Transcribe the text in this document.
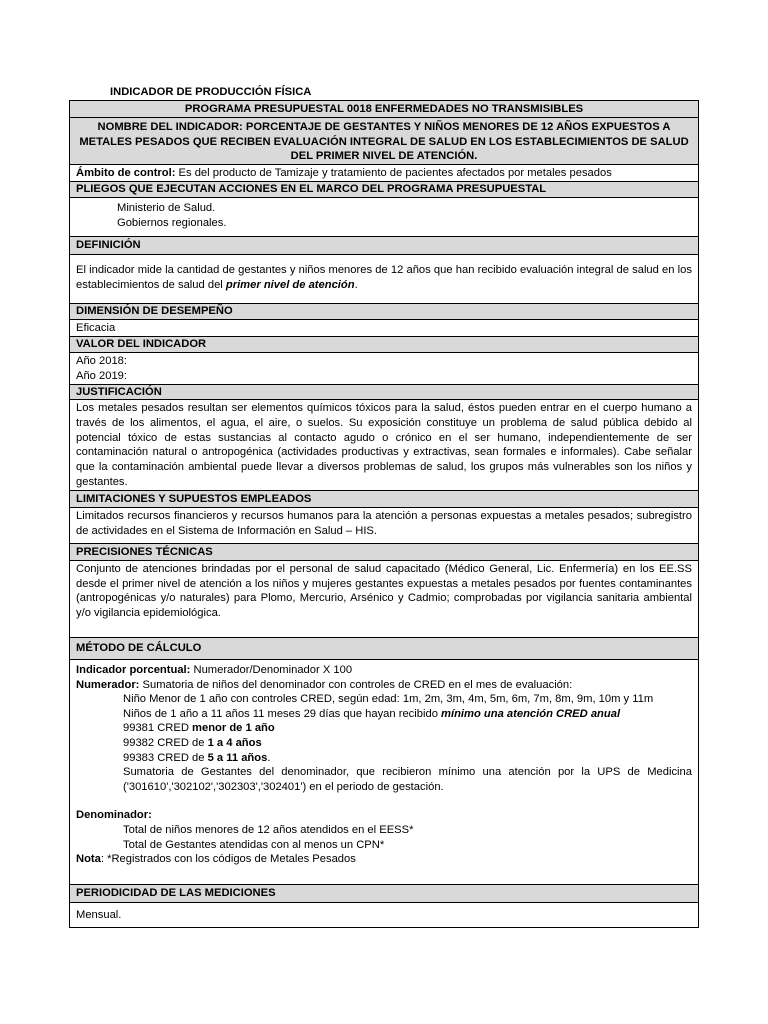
INDICADOR DE PRODUCCIÓN FÍSICA
PROGRAMA PRESUPUESTAL 0018 ENFERMEDADES NO TRANSMISIBLES
NOMBRE DEL INDICADOR: PORCENTAJE DE GESTANTES Y NIÑOS MENORES DE 12 AÑOS EXPUESTOS A METALES PESADOS QUE RECIBEN EVALUACIÓN INTEGRAL DE SALUD EN LOS ESTABLECIMIENTOS DE SALUD DEL PRIMER NIVEL DE ATENCIÓN.
Ámbito de control: Es del producto de Tamizaje y tratamiento de pacientes afectados por metales pesados
PLIEGOS QUE EJECUTAN ACCIONES EN EL MARCO DEL PROGRAMA PRESUPUESTAL
Ministerio de Salud.
Gobiernos regionales.
DEFINICIÓN
El indicador mide la cantidad de gestantes y niños menores de 12 años que han recibido evaluación integral de salud en los establecimientos de salud del primer nivel de atención.
DIMENSIÓN DE DESEMPEÑO
Eficacia
VALOR DEL INDICADOR
Año 2018:
Año 2019:
JUSTIFICACIÓN
Los metales pesados resultan ser elementos químicos tóxicos para la salud, éstos pueden entrar en el cuerpo humano a través de los alimentos, el agua, el aire, o suelos. Su exposición constituye un problema de salud pública debido al potencial tóxico de estas sustancias al contacto agudo o crónico en el ser humano, independientemente de ser contaminación natural o antropogénica (actividades productivas y extractivas, sean formales e informales). Cabe señalar que la contaminación ambiental puede llevar a diversos problemas de salud, los grupos más vulnerables son los niños y gestantes.
LIMITACIONES Y SUPUESTOS EMPLEADOS
Limitados recursos financieros y recursos humanos para la atención a personas expuestas a metales pesados; subregistro de actividades en el Sistema de Información en Salud – HIS.
PRECISIONES TÉCNICAS
Conjunto de atenciones brindadas por el personal de salud capacitado (Médico General, Lic. Enfermería) en los EE.SS desde el primer nivel de atención a los niños y mujeres gestantes expuestas a metales pesados por fuentes contaminantes (antropogénicas y/o naturales) para Plomo, Mercurio, Arsénico y Cadmio; comprobadas por vigilancia sanitaria ambiental y/o vigilancia epidemiológica.
MÉTODO DE CÁLCULO
Indicador porcentual: Numerador/Denominador X 100
Numerador: Sumatoria de niños del denominador con controles de CRED en el mes de evaluación:
Niño Menor de 1 año con controles CRED, según edad: 1m, 2m, 3m, 4m, 5m, 6m, 7m, 8m, 9m, 10m y 11m
Niños de 1 año a 11 años 11 meses 29 días que hayan recibido mínimo una atención CRED anual
99381 CRED menor de 1 año
99382 CRED de 1 a 4 años
99383 CRED de 5 a 11 años.
Sumatoria de Gestantes del denominador, que recibieron mínimo una atención por la UPS de Medicina ('301610','302102','302303','302401') en el periodo de gestación.
Denominador:
Total de niños menores de 12 años atendidos en el EESS*
Total de Gestantes atendidas con al menos un CPN*
Nota: *Registrados con los códigos de Metales Pesados
PERIODICIDAD DE LAS MEDICIONES
Mensual.
